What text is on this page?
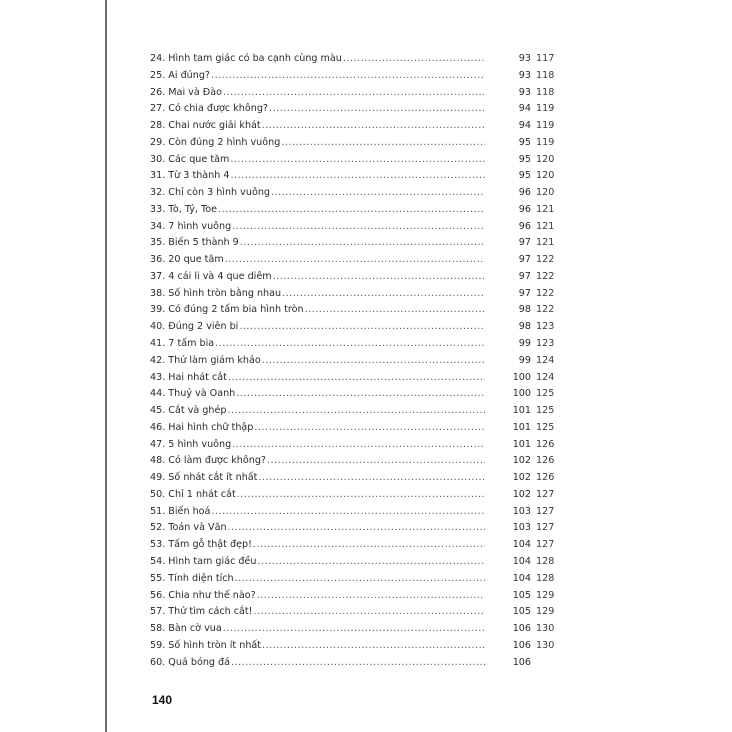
24. Hình tam giác có ba cạnh cùng màu .....	93 117
25. Ai đúng? .....	93 118
26. Mai và Đào .....	93 118
27. Có chia được không? .....	94 119
28. Chai nước giải khát .....	94 119
29. Còn đúng 2 hình vuông .....	95 119
30. Các que tăm .....	95 120
31. Từ 3 thành 4 .....	95 120
32. Chỉ còn 3 hình vuông .....	96 120
33. Tò, Tý, Toe .....	96 121
34. 7 hình vuông .....	96 121
35. Biến 5 thành 9 .....	97 121
36. 20 que tăm .....	97 122
37. 4 cái li và 4 que diêm .....	97 122
38. Số hình tròn bằng nhau .....	97 122
39. Có đúng 2 tấm bia hình tròn .....	98 122
40. Đúng 2 viên bi .....	98 123
41. 7 tấm bia .....	99 123
42. Thử làm giám khảo .....	99 124
43. Hai nhát cắt .....	100 124
44. Thuỷ và Oanh .....	100 125
45. Cắt và ghép .....	101 125
46. Hai hình chữ thập .....	101 125
47. 5 hình vuông .....	101 126
48. Có làm được không? .....	102 126
49. Số nhát cắt ít nhất .....	102 126
50. Chỉ 1 nhát cắt .....	102 127
51. Biến hoá .....	103 127
52. Toán và Văn .....	103 127
53. Tấm gỗ thật đẹp! .....	104 127
54. Hình tam giác đều .....	104 128
55. Tính diện tích .....	104 128
56. Chia như thế nào? .....	105 129
57. Thử tìm cách cắt! .....	105 129
58. Bàn cờ vua .....	106 130
59. Số hình tròn ít nhất .....	106 130
60. Quả bóng đá .....	106
140
